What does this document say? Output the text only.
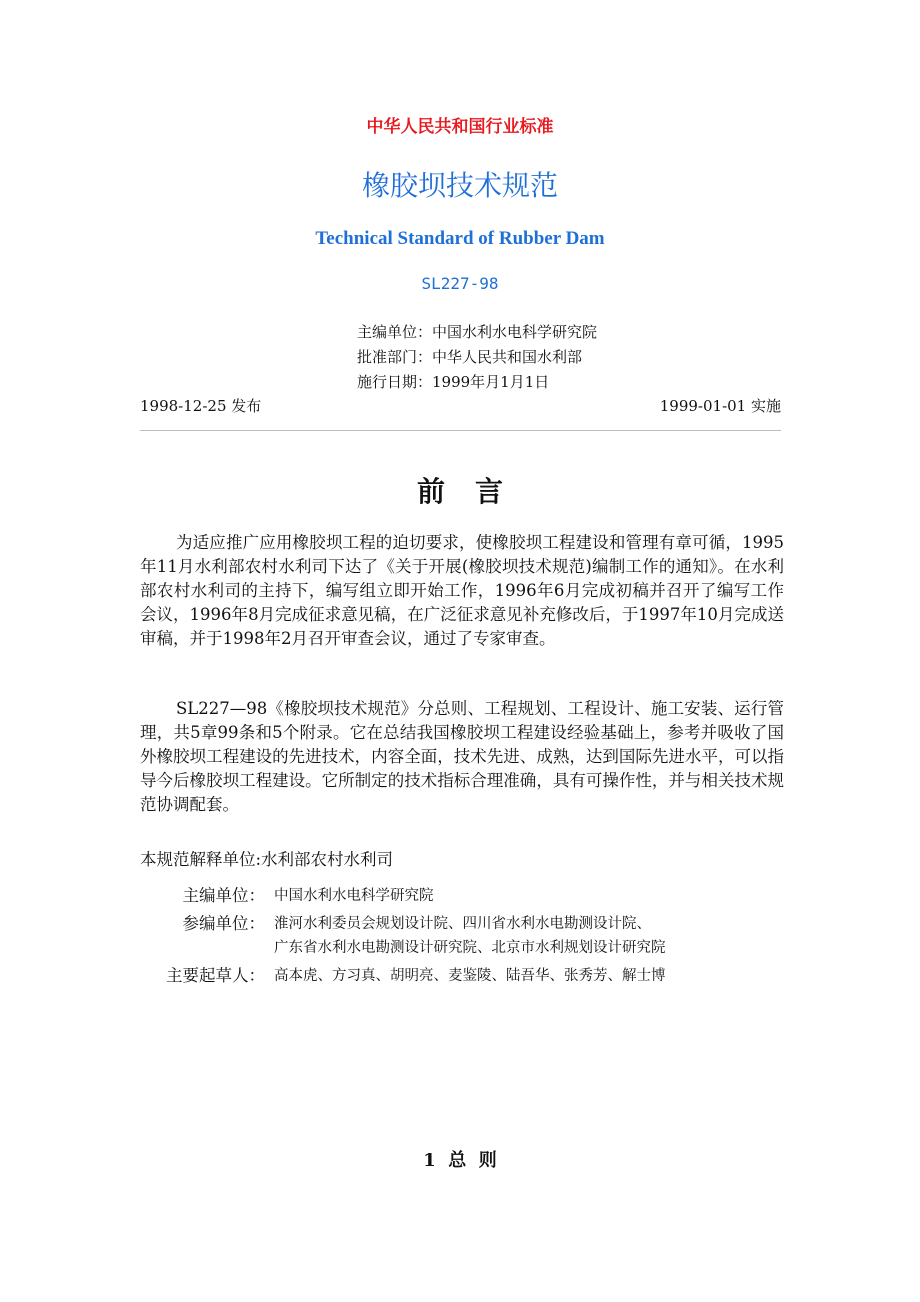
中华人民共和国行业标准
橡胶坝技术规范
Technical Standard of Rubber Dam
SL227-98
主编单位：中国水利水电科学研究院
批准部门：中华人民共和国水利部
施行日期：1999年月1月1日
1998-12-25 发布	1999-01-01 实施
前言

为适应推广应用橡胶坝工程的迫切要求，使橡胶坝工程建设和管理有章可循，1995年11月水利部农村水利司下达了《关于开展(橡胶坝技术规范)编制工作的通知》。在水利部农村水利司的主持下，编写组立即开始工作，1996年6月完成初稿并召开了编写工作会议，1996年8月完成征求意见稿，在广泛征求意见补充修改后，于1997年10月完成送审稿，并于1998年2月召开审查会议，通过了专家审查。

SL227—98《橡胶坝技术规范》分总则、工程规划、工程设计、施工安装、运行管理，共5章99条和5个附录。它在总结我国橡胶坝工程建设经验基础上，参考并吸收了国外橡胶坝工程建设的先进技术，内容全面，技术先进、成熟，达到国际先进水平，可以指导今后橡胶坝工程建设。它所制定的技术指标合理准确，具有可操作性，并与相关技术规范协调配套。

本规范解释单位:水利部农村水利司
主编单位： 中国水利水电科学研究院
参编单位： 淮河水利委员会规划设计院、四川省水利水电勘测设计院、
广东省水利水电勘测设计研究院、北京市水利规划设计研究院
主要起草人： 高本虎、方习真、胡明亮、麦鉴陵、陆吾华、张秀芳、解士博
1  总  则
